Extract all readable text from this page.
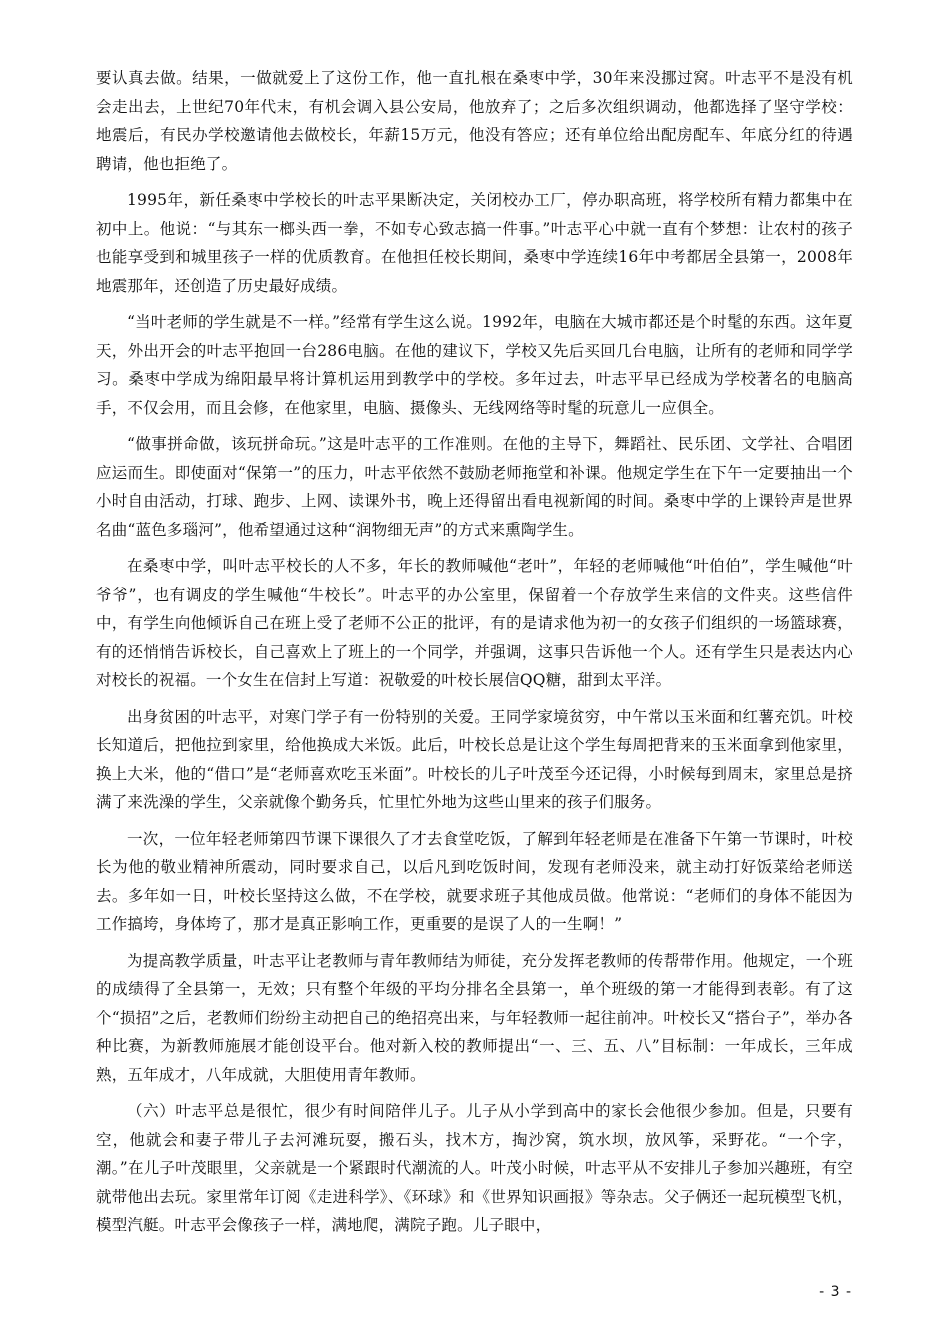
要认真去做。结果，一做就爱上了这份工作，他一直扎根在桑枣中学，30年来没挪过窝。叶志平不是没有机会走出去，上世纪70年代末，有机会调入县公安局，他放弃了；之后多次组织调动，他都选择了坚守学校：地震后，有民办学校邀请他去做校长，年薪15万元，他没有答应；还有单位给出配房配车、年底分红的待遇聘请，他也拒绝了。

1995年，新任桑枣中学校长的叶志平果断决定，关闭校办工厂，停办职高班，将学校所有精力都集中在初中上。他说：“与其东一榔头西一拳，不如专心致志搞一件事。”叶志平心中就一直有个梦想：让农村的孩子也能享受到和城里孩子一样的优质教育。在他担任校长期间，桑枣中学连续16年中考都居全县第一，2008年地震那年，还创造了历史最好成绩。

“当叶老师的学生就是不一样。”经常有学生这么说。1992年，电脑在大城市都还是个时髦的东西。这年夏天，外出开会的叶志平抱回一台286电脑。在他的建议下，学校又先后买回几台电脑，让所有的老师和同学学习。桑枣中学成为绵阳最早将计算机运用到教学中的学校。多年过去，叶志平早已经成为学校著名的电脑高手，不仅会用，而且会修，在他家里，电脑、摄像头、无线网络等时髦的玩意儿一应俱全。

“做事拼命做，该玩拼命玩。”这是叶志平的工作准则。在他的主导下，舞蹈社、民乐团、文学社、合唱团应运而生。即使面对“保第一”的压力，叶志平依然不鼓励老师拖堂和补课。他规定学生在下午一定要抽出一个小时自由活动，打球、跑步、上网、读课外书，晚上还得留出看电视新闻的时间。桑枣中学的上课铃声是世界名曲“蓝色多瑙河”，他希望通过这种“润物细无声”的方式来熏陶学生。

在桑枣中学，叫叶志平校长的人不多，年长的教师喊他“老叶”，年轻的老师喊他“叶伯伯”，学生喊他“叶爷爷”，也有调皮的学生喊他“牛校长”。叶志平的办公室里，保留着一个存放学生来信的文件夹。这些信件中，有学生向他倾诉自己在班上受了老师不公正的批评，有的是请求他为初一的女孩子们组织的一场篮球赛，有的还悄悄告诉校长，自己喜欢上了班上的一个同学，并强调，这事只告诉他一个人。还有学生只是表达内心对校长的祝福。一个女生在信封上写道：祝敬爱的叶校长展信QQ糖，甜到太平洋。

出身贫困的叶志平，对寒门学子有一份特别的关爱。王同学家境贫穷，中午常以玉米面和红薯充饥。叶校长知道后，把他拉到家里，给他换成大米饭。此后，叶校长总是让这个学生每周把背来的玉米面拿到他家里，换上大米，他的“借口”是“老师喜欢吃玉米面”。叶校长的儿子叶茂至今还记得，小时候每到周末，家里总是挤满了来洗澡的学生，父亲就像个勤务兵，忙里忙外地为这些山里来的孩子们服务。

一次，一位年轻老师第四节课下课很久了才去食堂吃饭，了解到年轻老师是在准备下午第一节课时，叶校长为他的敬业精神所震动，同时要求自己，以后凡到吃饭时间，发现有老师没来，就主动打好饭菜给老师送去。多年如一日，叶校长坚持这么做，不在学校，就要求班子其他成员做。他常说：“老师们的身体不能因为工作搞垮，身体垮了，那才是真正影响工作，更重要的是误了人的一生啊！”

为提高教学质量，叶志平让老教师与青年教师结为师徒，充分发挥老教师的传帮带作用。他规定，一个班的成绩得了全县第一，无效；只有整个年级的平均分排名全县第一，单个班级的第一才能得到表彰。有了这个“损招”之后，老教师们纷纷主动把自己的绝招亮出来，与年轻教师一起往前冲。叶校长又“搭台子”，举办各种比赛，为新教师施展才能创设平台。他对新入校的教师提出“一、三、五、八”目标制：一年成长，三年成熟，五年成才，八年成就，大胆使用青年教师。

（六）叶志平总是很忙，很少有时间陪伴儿子。儿子从小学到高中的家长会他很少参加。但是，只要有空，他就会和妻子带儿子去河滩玩耍，搬石头，找木方，掏沙窝，筑水坝，放风筝，采野花。“一个字，潮。”在儿子叶茂眼里，父亲就是一个紧跟时代潮流的人。叶茂小时候，叶志平从不安排儿子参加兴趣班，有空就带他出去玩。家里常年订阅《走进科学》、《环球》和《世界知识画报》等杂志。父子俩还一起玩模型飞机，模型汽艇。叶志平会像孩子一样，满地爬，满院子跑。儿子眼中，

- 3 -
